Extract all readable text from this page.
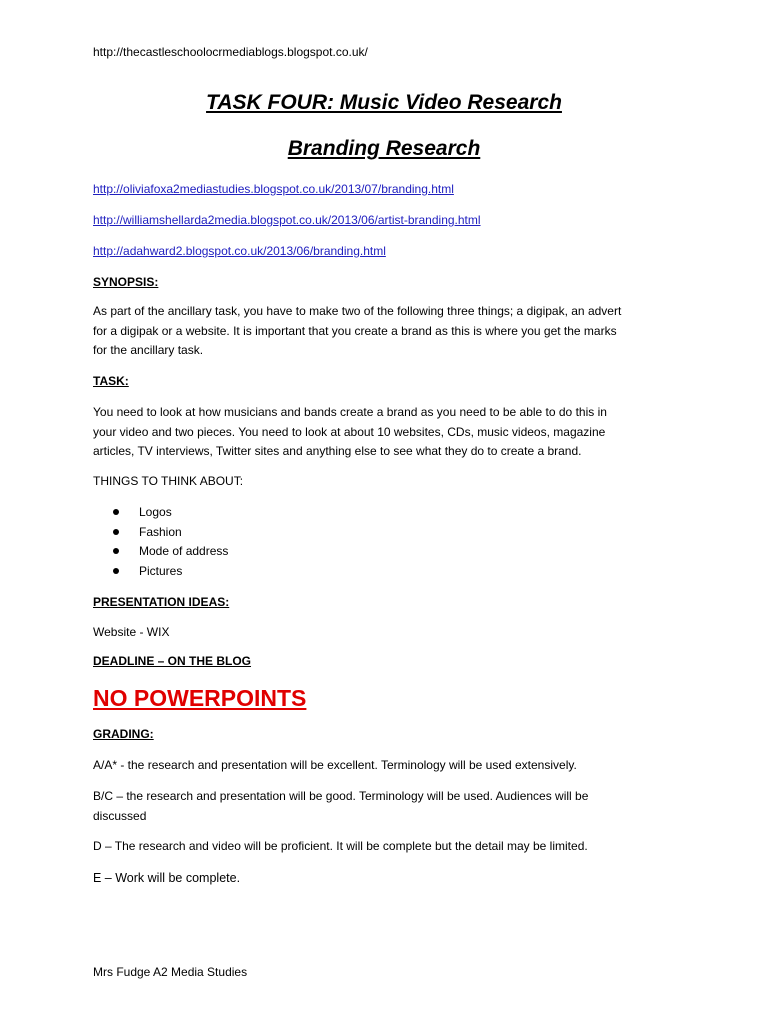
http://thecastleschoolocrmediablogs.blogspot.co.uk/
TASK FOUR: Music Video Research
Branding Research
http://oliviafoxa2mediastudies.blogspot.co.uk/2013/07/branding.html
http://williamshellarda2media.blogspot.co.uk/2013/06/artist-branding.html
http://adahward2.blogspot.co.uk/2013/06/branding.html
SYNOPSIS:
As part of the ancillary task, you have to make two of the following three things; a digipak, an advert
for a digipak or a website. It is important that you create a brand as this is where you get the marks
for the ancillary task.
TASK:
You need to look at how musicians and bands create a brand as you need to be able to do this in
your video and two pieces. You need to look at about 10 websites, CDs, music videos, magazine
articles, TV interviews, Twitter sites and anything else to see what they do to create a brand.
THINGS TO THINK ABOUT:
Logos
Fashion
Mode of address
Pictures
PRESENTATION IDEAS:
Website - WIX
DEADLINE – ON THE BLOG
NO POWERPOINTS
GRADING:
A/A* - the research and presentation will be excellent. Terminology will be used extensively.
B/C – the research and presentation will be good. Terminology will be used. Audiences will be
discussed
D – The research and video will be proficient. It will be complete but the detail may be limited.
E – Work will be complete.
Mrs Fudge A2 Media Studies
